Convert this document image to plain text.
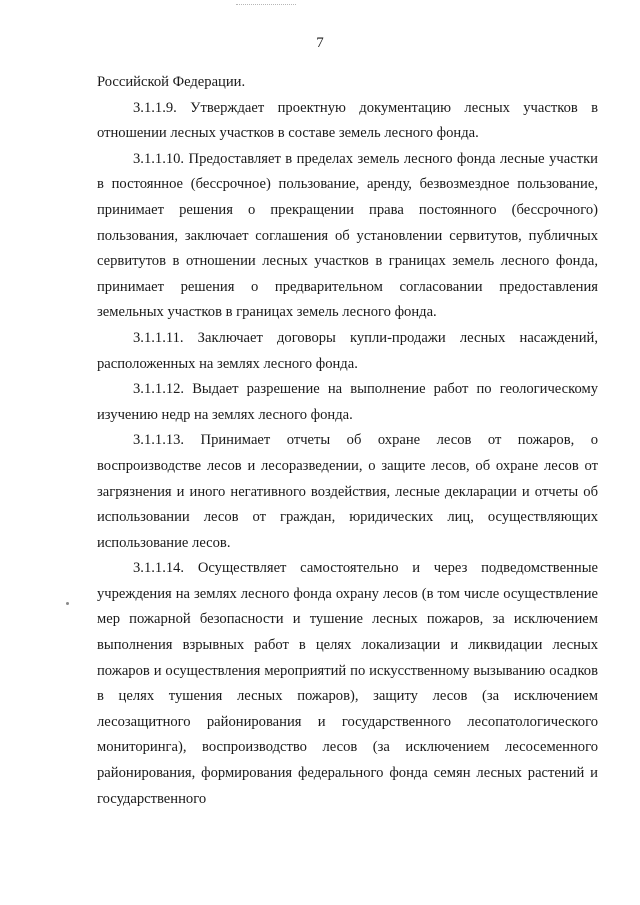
7

Российской Федерации.

3.1.1.9. Утверждает проектную документацию лесных участков в отношении лесных участков в составе земель лесного фонда.

3.1.1.10. Предоставляет в пределах земель лесного фонда лесные участки в постоянное (бессрочное) пользование, аренду, безвозмездное пользование, принимает решения о прекращении права постоянного (бессрочного) пользования, заключает соглашения об установлении сервитутов, публичных сервитутов в отношении лесных участков в границах земель лесного фонда, принимает решения о предварительном согласовании предоставления земельных участков в границах земель лесного фонда.

3.1.1.11. Заключает договоры купли-продажи лесных насаждений, расположенных на землях лесного фонда.

3.1.1.12. Выдает разрешение на выполнение работ по геологическому изучению недр на землях лесного фонда.

3.1.1.13. Принимает отчеты об охране лесов от пожаров, о воспроизводстве лесов и лесоразведении, о защите лесов, об охране лесов от загрязнения и иного негативного воздействия, лесные декларации и отчеты об использовании лесов от граждан, юридических лиц, осуществляющих использование лесов.

3.1.1.14. Осуществляет самостоятельно и через подведомственные учреждения на землях лесного фонда охрану лесов (в том числе осуществление мер пожарной безопасности и тушение лесных пожаров, за исключением выполнения взрывных работ в целях локализации и ликвидации лесных пожаров и осуществления мероприятий по искусственному вызыванию осадков в целях тушения лесных пожаров), защиту лесов (за исключением лесозащитного районирования и государственного лесопатологического мониторинга), воспроизводство лесов (за исключением лесосеменного районирования, формирования федерального фонда семян лесных растений и государственного
